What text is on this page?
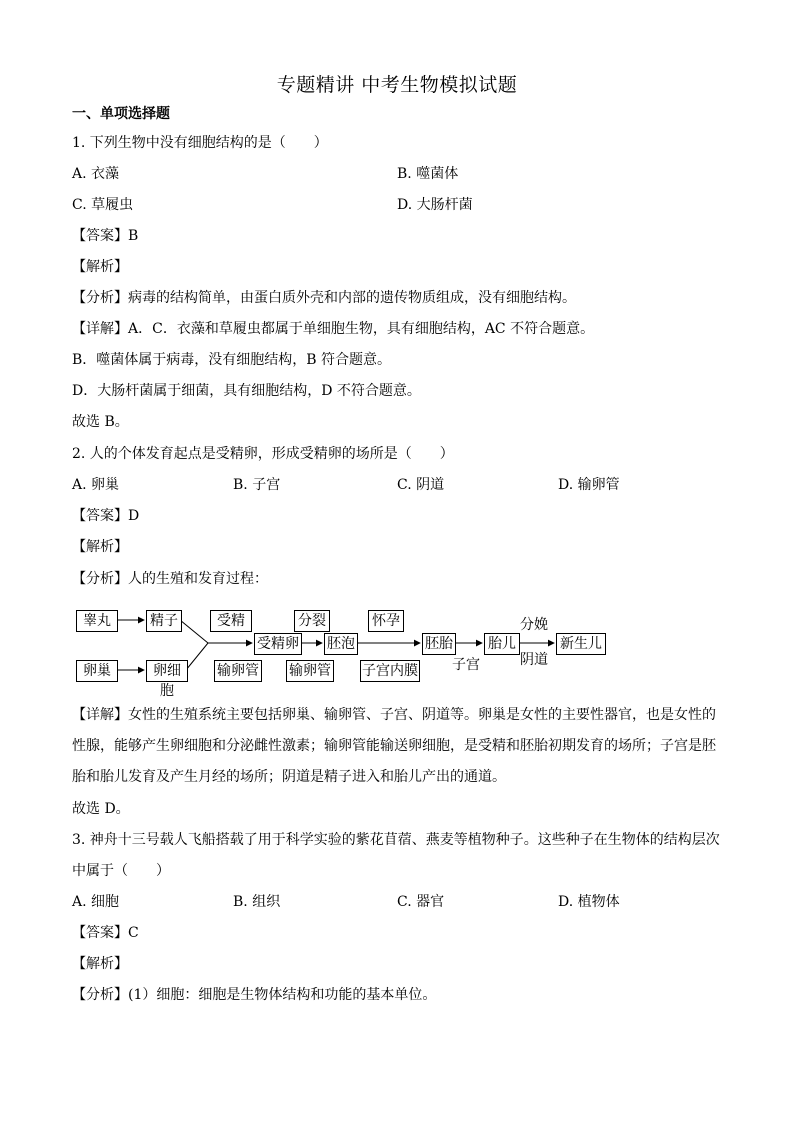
专题精讲 中考生物模拟试题
一、单项选择题
1. 下列生物中没有细胞结构的是（　　）
A. 衣藻	B. 噬菌体
C. 草履虫	D. 大肠杆菌
【答案】B
【解析】
【分析】病毒的结构简单，由蛋白质外壳和内部的遗传物质组成，没有细胞结构。
【详解】A．C．衣藻和草履虫都属于单细胞生物，具有细胞结构，AC 不符合题意。
B．噬菌体属于病毒，没有细胞结构，B 符合题意。
D．大肠杆菌属于细菌，具有细胞结构，D 不符合题意。
故选 B。
2. 人的个体发育起点是受精卵，形成受精卵的场所是（　　）
A. 卵巢	B. 子宫	C. 阴道	D. 输卵管
【答案】D
【解析】
【分析】人的生殖和发育过程：
睾丸	精子
卵巢	卵细胞
受精
输卵管
受精卵
分裂
输卵管
胚泡
怀孕
子宫内膜
胚胎
子宫
胎儿
分娩
阴道
新生儿
【详解】女性的生殖系统主要包括卵巢、输卵管、子宫、阴道等。卵巢是女性的主要性器官，也是女性的性腺，能够产生卵细胞和分泌雌性激素；输卵管能输送卵细胞，是受精和胚胎初期发育的场所；子宫是胚胎和胎儿发育及产生月经的场所；阴道是精子进入和胎儿产出的通道。
故选 D。
3. 神舟十三号载人飞船搭载了用于科学实验的紫花苜蓿、燕麦等植物种子。这些种子在生物体的结构层次中属于（　　）
A. 细胞	B. 组织	C. 器官	D. 植物体
【答案】C
【解析】
【分析】(1）细胞：细胞是生物体结构和功能的基本单位。
